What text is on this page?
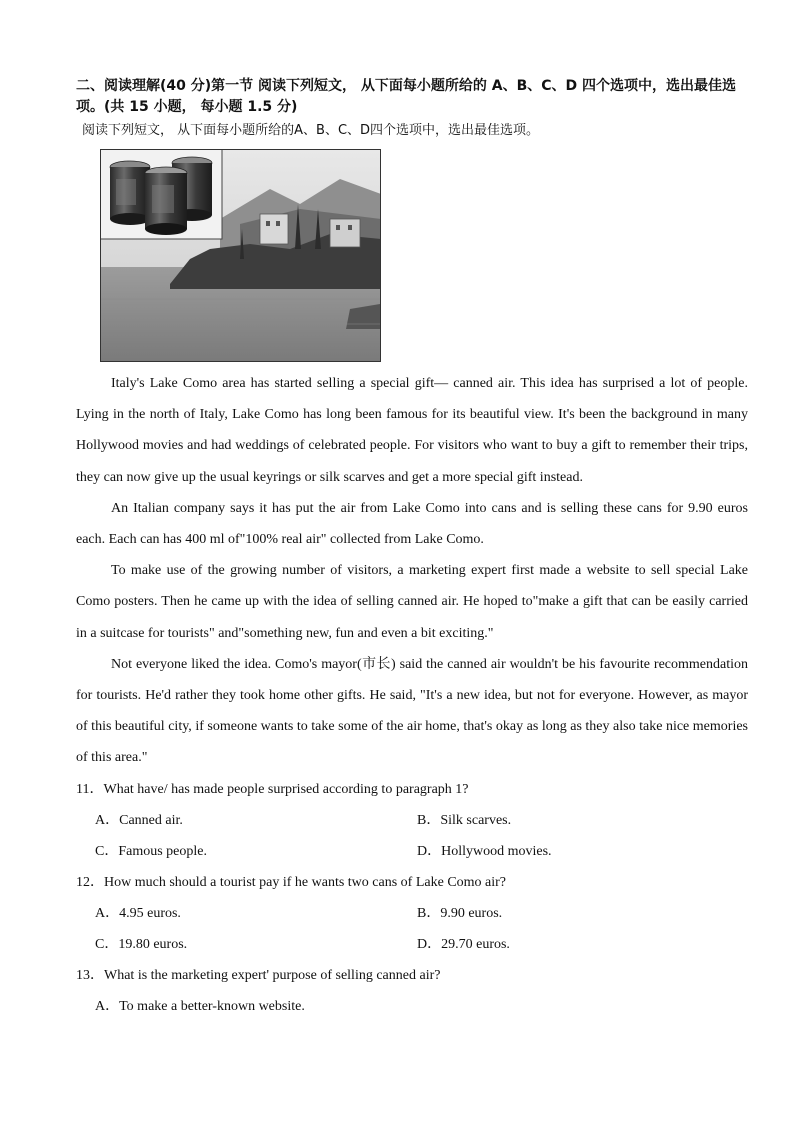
二、阅读理解(40 分)第一节 阅读下列短文， 从下面每小题所给的 A、B、C、D 四个选项中，选出最佳选项。(共 15 小题， 每小题 1.5 分)

阅读下列短文， 从下面每小题所给的A、B、C、D四个选项中，选出最佳选项。

Italy's Lake Como area has started selling a special gift— canned air. This idea has surprised a lot of people. Lying in the north of Italy, Lake Como has long been famous for its beautiful view. It's been the background in many Hollywood movies and had weddings of celebrated people. For visitors who want to buy a gift to remember their trips, they can now give up the usual keyrings or silk scarves and get a more special gift instead.

An Italian company says it has put the air from Lake Como into cans and is selling these cans for 9.90 euros each. Each can has 400 ml of"100% real air" collected from Lake Como.

To make use of the growing number of visitors, a marketing expert first made a website to sell special Lake Como posters. Then he came up with the idea of selling canned air. He hoped to"make a gift that can be easily carried in a suitcase for tourists" and"something new, fun and even a bit exciting."

Not everyone liked the idea. Como's mayor(市长) said the canned air wouldn't be his favourite recommendation for tourists. He'd rather they took home other gifts. He said, "It's a new idea, but not for everyone. However, as mayor of this beautiful city, if someone wants to take some of the air home, that's okay as long as they also take nice memories of this area."

11．What have/ has made people surprised according to paragraph 1?

A．Canned air.	B．Silk scarves.
C．Famous people.	D．Hollywood movies.

12．How much should a tourist pay if he wants two cans of Lake Como air?

A．4.95 euros.	B．9.90 euros.
C．19.80 euros.	D．29.70 euros.

13．What is the marketing expert' purpose of selling canned air?

A．To make a better-known website.
